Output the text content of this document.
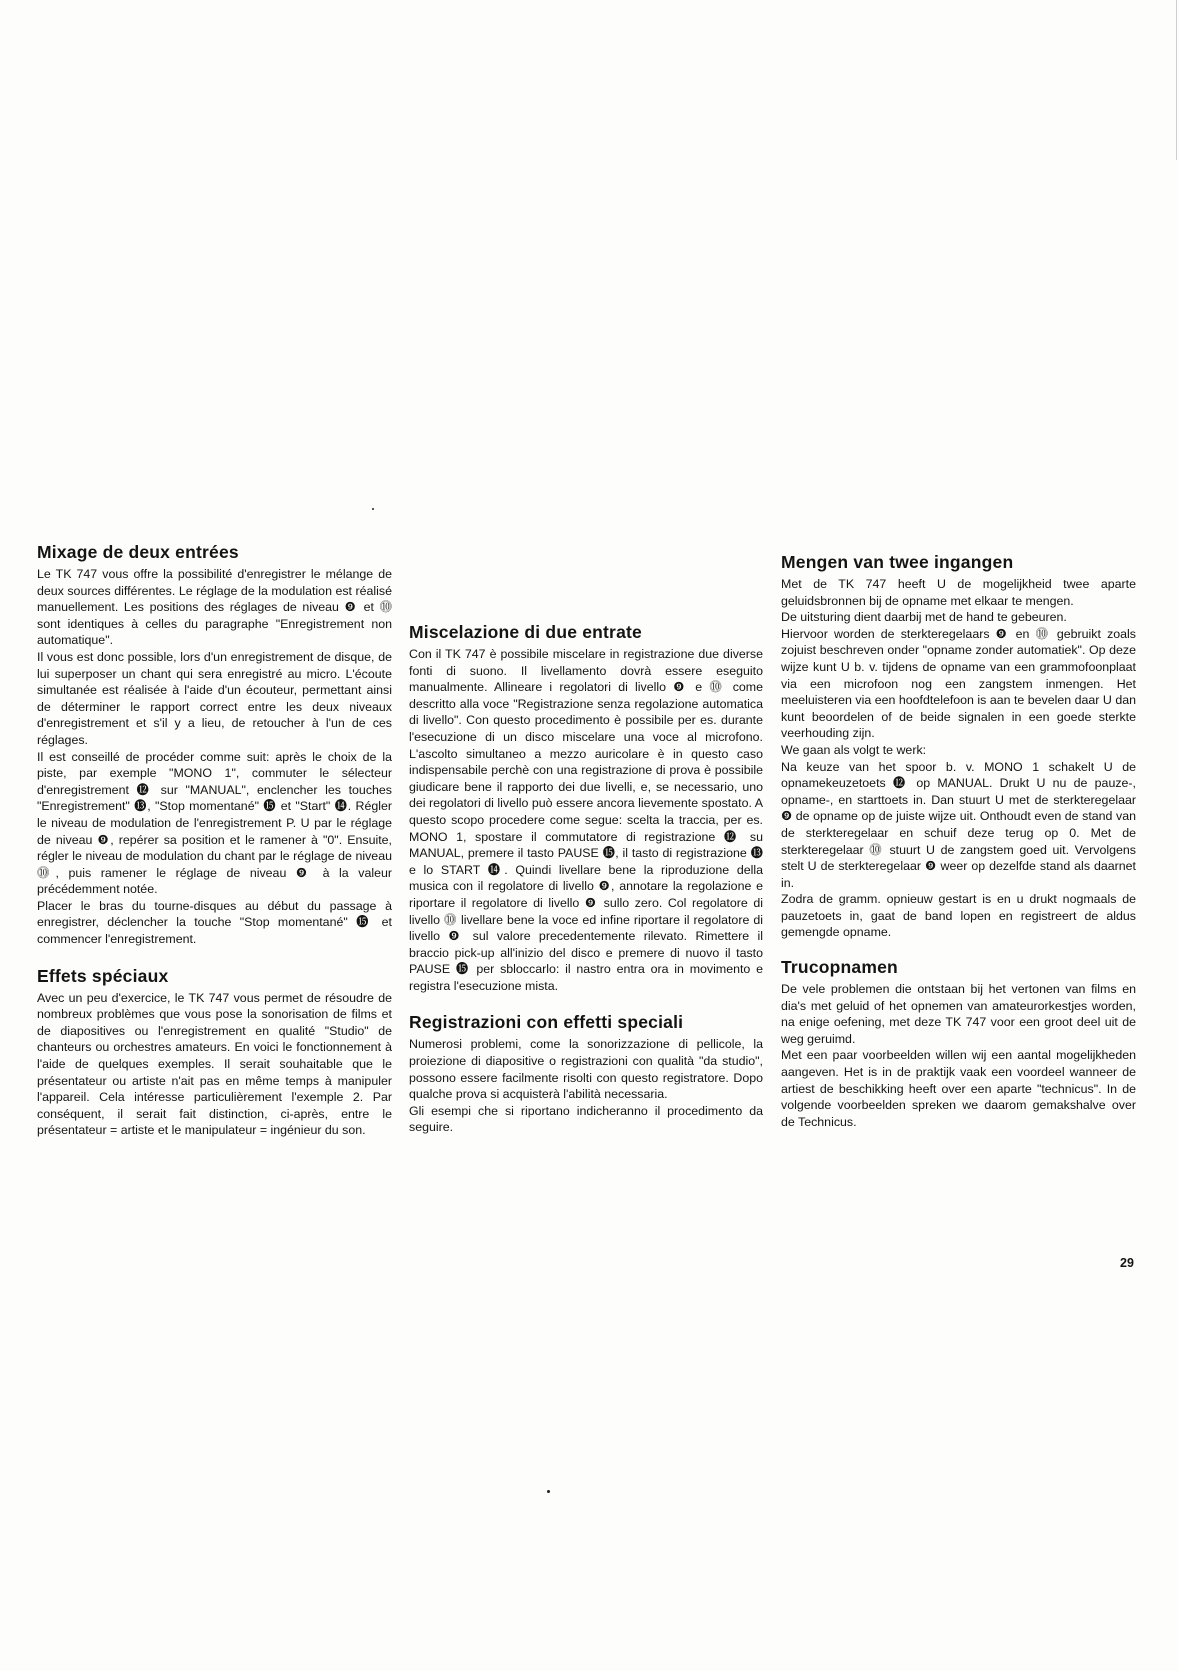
Mixage de deux entrées

Le TK 747 vous offre la possibilité d'enregistrer le mélange de deux sources différentes. Le réglage de la modulation est réalisé manuellement. Les positions des réglages de niveau ❾ et ⓾ sont identiques à celles du paragraphe "Enregistrement non automatique".

Il vous est donc possible, lors d'un enregistrement de disque, de lui superposer un chant qui sera enregistré au micro. L'écoute simultanée est réalisée à l'aide d'un écouteur, permettant ainsi de déterminer le rapport correct entre les deux niveaux d'enregistrement et s'il y a lieu, de retoucher à l'un de ces réglages.

Il est conseillé de procéder comme suit: après le choix de la piste, par exemple "MONO 1", commuter le sélecteur d'enregistrement ⓬ sur "MANUAL", enclencher les touches "Enregistrement" ⓭, "Stop momentané" ⓯ et "Start" ⓮. Régler le niveau de modulation de l'enregistrement P. U par le réglage de niveau ❾, repérer sa position et le ramener à "0". Ensuite, régler le niveau de modulation du chant par le réglage de niveau ⓾, puis ramener le réglage de niveau ❾ à la valeur précédemment notée.

Placer le bras du tourne-disques au début du passage à enregistrer, déclencher la touche "Stop momentané" ⓯ et commencer l'enregistrement.

Effets spéciaux

Avec un peu d'exercice, le TK 747 vous permet de résoudre de nombreux problèmes que vous pose la sonorisation de films et de diapositives ou l'enregistrement en qualité "Studio" de chanteurs ou orchestres amateurs. En voici le fonctionnement à l'aide de quelques exemples. Il serait souhaitable que le présentateur ou artiste n'ait pas en même temps à manipuler l'appareil. Cela intéresse particulièrement l'exemple 2. Par conséquent, il serait fait distinction, ci-après, entre le présentateur = artiste et le manipulateur = ingénieur du son.

Miscelazione di due entrate

Con il TK 747 è possibile miscelare in registrazione due diverse fonti di suono. Il livellamento dovrà essere eseguito manualmente. Allineare i regolatori di livello ❾ e ⓾ come descritto alla voce "Registrazione senza regolazione automatica di livello". Con questo procedimento è possibile per es. durante l'esecuzione di un disco miscelare una voce al microfono. L'ascolto simultaneo a mezzo auricolare è in questo caso indispensabile perchè con una registrazione di prova è possibile giudicare bene il rapporto dei due livelli, e, se necessario, uno dei regolatori di livello può essere ancora lievemente spostato. A questo scopo procedere come segue: scelta la traccia, per es. MONO 1, spostare il commutatore di registrazione ⓬ su MANUAL, premere il tasto PAUSE ⓯, il tasto di registrazione ⓭ e lo START ⓮. Quindi livellare bene la riproduzione della musica con il regolatore di livello ❾, annotare la regolazione e riportare il regolatore di livello ❾ sullo zero. Col regolatore di livello ⓾ livellare bene la voce ed infine riportare il regolatore di livello ❾ sul valore precedentemente rilevato. Rimettere il braccio pick-up all'inizio del disco e premere di nuovo il tasto PAUSE ⓯ per sbloccarlo: il nastro entra ora in movimento e registra l'esecuzione mista.

Registrazioni con effetti speciali

Numerosi problemi, come la sonorizzazione di pellicole, la proiezione di diapositive o registrazioni con qualità "da studio", possono essere facilmente risolti con questo registratore. Dopo qualche prova si acquisterà l'abilità necessaria.

Gli esempi che si riportano indicheranno il procedimento da seguire.

Mengen van twee ingangen

Met de TK 747 heeft U de mogelijkheid twee aparte geluidsbronnen bij de opname met elkaar te mengen.

De uitsturing dient daarbij met de hand te gebeuren.

Hiervoor worden de sterkteregelaars ❾ en ⓾ gebruikt zoals zojuist beschreven onder "opname zonder automatiek". Op deze wijze kunt U b. v. tijdens de opname van een grammofoonplaat via een microfoon nog een zangstem inmengen. Het meeluisteren via een hoofdtelefoon is aan te bevelen daar U dan kunt beoordelen of de beide signalen in een goede sterkte veerhouding zijn.

We gaan als volgt te werk:

Na keuze van het spoor b. v. MONO 1 schakelt U de opnamekeuzetoets ⓬ op MANUAL. Drukt U nu de pauze-, opname-, en starttoets in. Dan stuurt U met de sterkteregelaar ❾ de opname op de juiste wijze uit. Onthoudt even de stand van de sterkteregelaar en schuif deze terug op 0. Met de sterkteregelaar ⓾ stuurt U de zangstem goed uit. Vervolgens stelt U de sterkteregelaar ❾ weer op dezelfde stand als daarnet in.

Zodra de gramm. opnieuw gestart is en u drukt nogmaals de pauzetoets in, gaat de band lopen en registreert de aldus gemengde opname.

Trucopnamen

De vele problemen die ontstaan bij het vertonen van films en dia's met geluid of het opnemen van amateurorkestjes worden, na enige oefening, met deze TK 747 voor een groot deel uit de weg geruimd.

Met een paar voorbeelden willen wij een aantal mogelijkheden aangeven. Het is in de praktijk vaak een voordeel wanneer de artiest de beschikking heeft over een aparte "technicus". In de volgende voorbeelden spreken we daarom gemakshalve over de Technicus.

29
